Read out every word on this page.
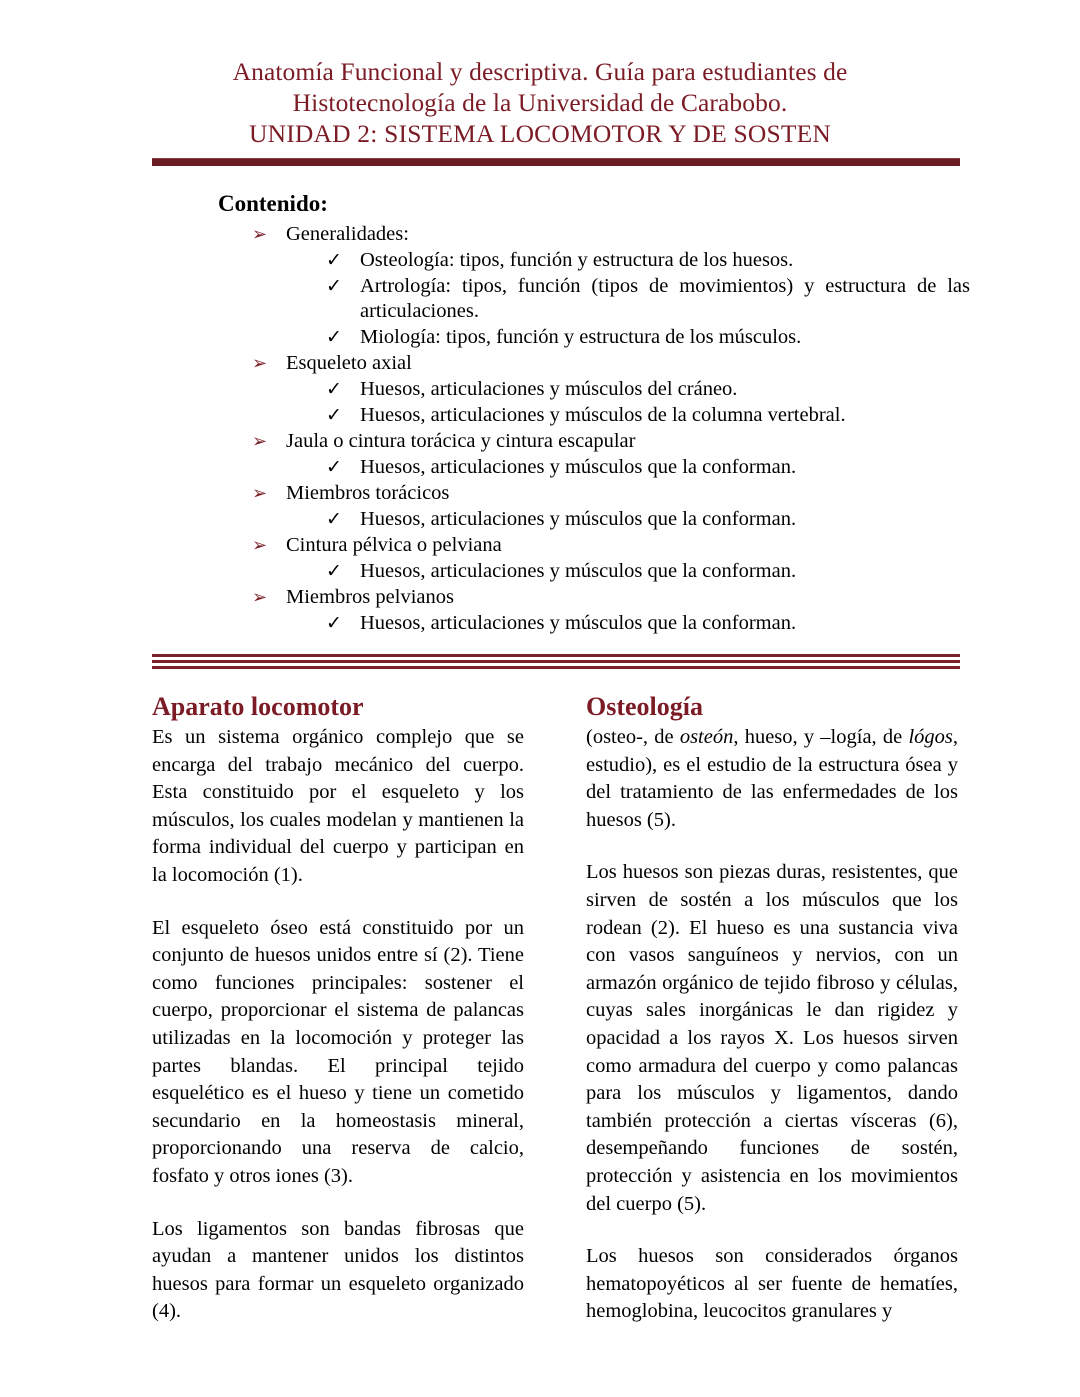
Anatomía Funcional y descriptiva. Guía para estudiantes de
Histotecnología de la Universidad de Carabobo.
UNIDAD 2: SISTEMA LOCOMOTOR Y DE SOSTEN
Contenido:
➢ Generalidades:
✓ Osteología: tipos, función y estructura de los huesos.
✓ Artrología: tipos, función (tipos de movimientos) y estructura de las articulaciones.
✓ Miología: tipos, función y estructura de los músculos.
➢ Esqueleto axial
✓ Huesos, articulaciones y músculos del cráneo.
✓ Huesos, articulaciones y músculos de la columna vertebral.
➢ Jaula o cintura torácica y cintura escapular
✓ Huesos, articulaciones y músculos que la conforman.
➢ Miembros torácicos
✓ Huesos, articulaciones y músculos que la conforman.
➢ Cintura pélvica o pelviana
✓ Huesos, articulaciones y músculos que la conforman.
➢ Miembros pelvianos
✓ Huesos, articulaciones y músculos que la conforman.
Aparato locomotor

Es un sistema orgánico complejo que se encarga del trabajo mecánico del cuerpo. Esta constituido por el esqueleto y los músculos, los cuales modelan y mantienen la forma individual del cuerpo y participan en la locomoción (1).

El esqueleto óseo está constituido por un conjunto de huesos unidos entre sí (2). Tiene como funciones principales: sostener el cuerpo, proporcionar el sistema de palancas utilizadas en la locomoción y proteger las partes blandas. El principal tejido esquelético es el hueso y tiene un cometido secundario en la homeostasis mineral, proporcionando una reserva de calcio, fosfato y otros iones (3).

Los ligamentos son bandas fibrosas que ayudan a mantener unidos los distintos huesos para formar un esqueleto organizado (4).

Osteología

(osteo-, de osteón, hueso, y –logía, de lógos, estudio), es el estudio de la estructura ósea y del tratamiento de las enfermedades de los huesos (5).

Los huesos son piezas duras, resistentes, que sirven de sostén a los músculos que los rodean (2). El hueso es una sustancia viva con vasos sanguíneos y nervios, con un armazón orgánico de tejido fibroso y células, cuyas sales inorgánicas le dan rigidez y opacidad a los rayos X. Los huesos sirven como armadura del cuerpo y como palancas para los músculos y ligamentos, dando también protección a ciertas vísceras (6), desempeñando funciones de sostén, protección y asistencia en los movimientos del cuerpo (5).

Los huesos son considerados órganos hematopoyéticos al ser fuente de hematíes, hemoglobina, leucocitos granulares y
